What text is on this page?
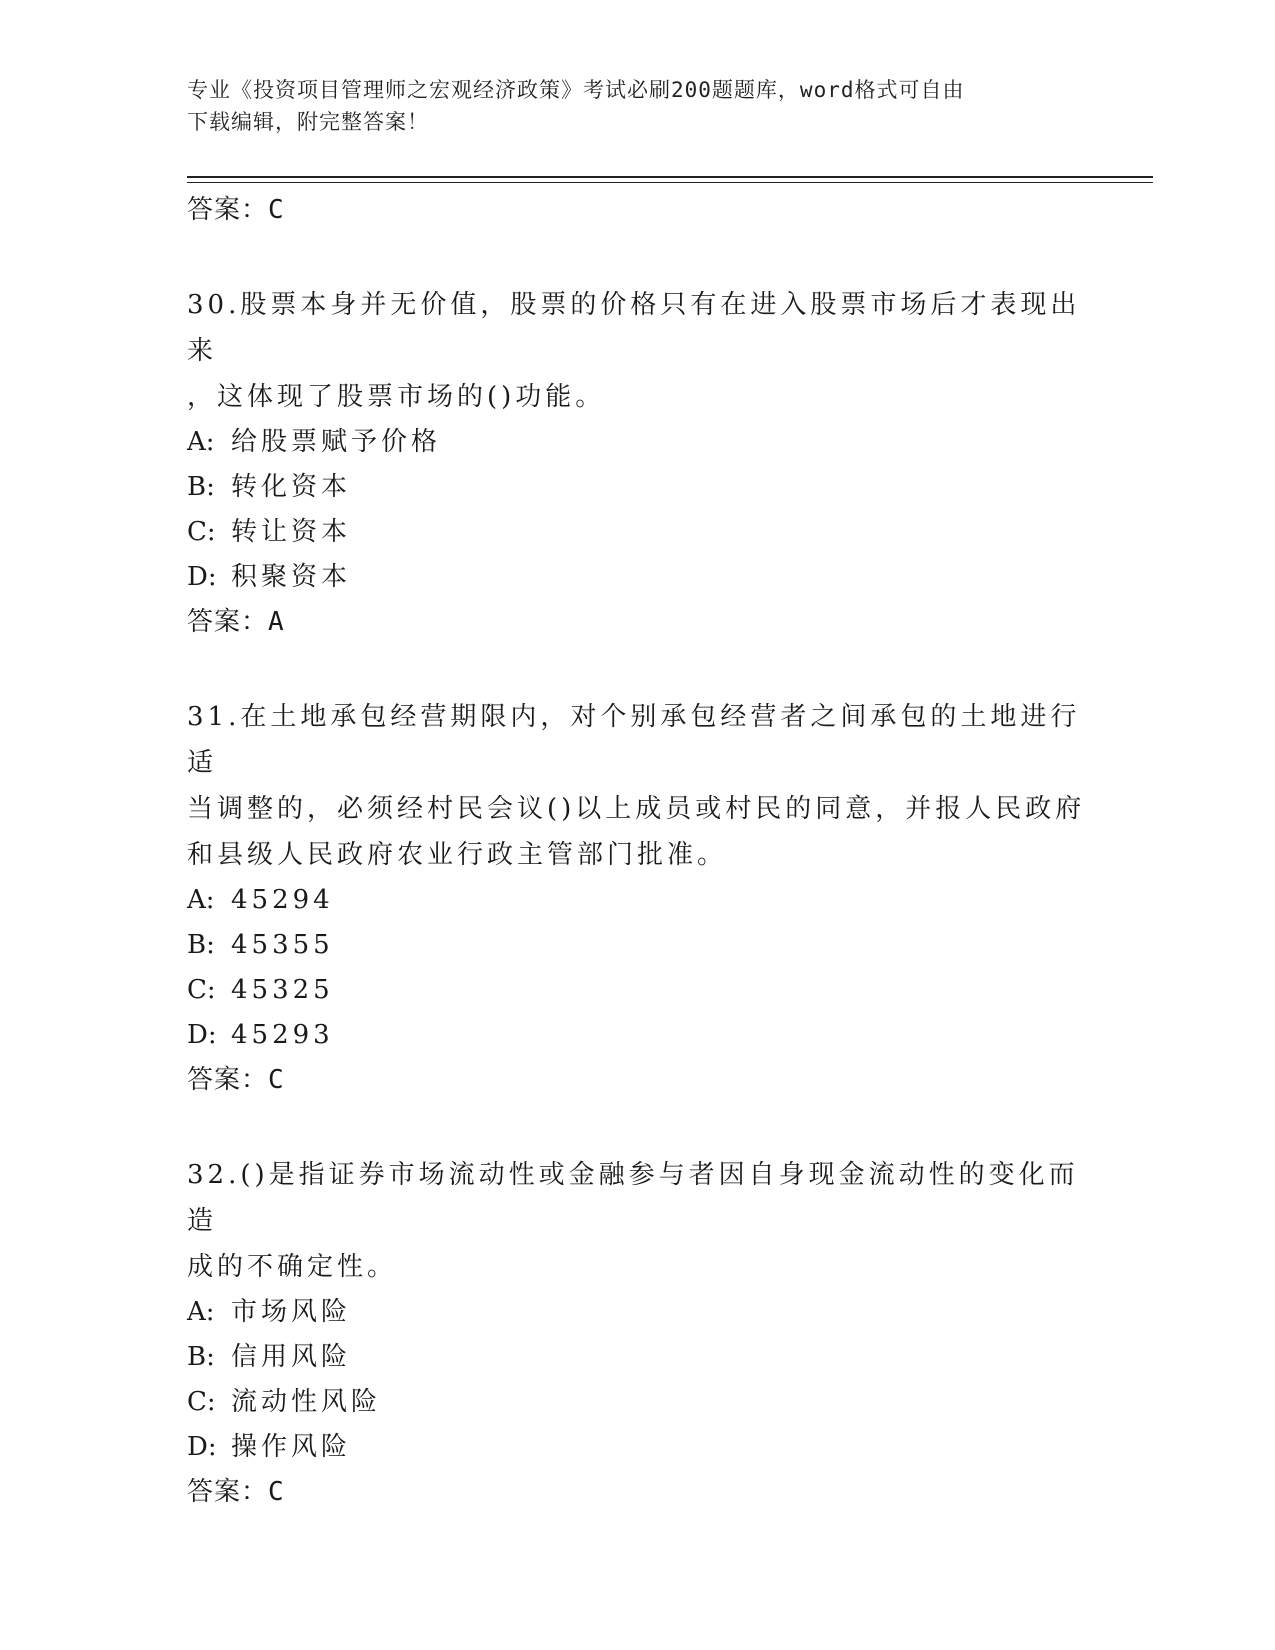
专业《投资项目管理师之宏观经济政策》考试必刷200题题库，word格式可自由
下载编辑，附完整答案！
答案：C
30.股票本身并无价值，股票的价格只有在进入股票市场后才表现出来
，这体现了股票市场的()功能。
A: 给股票赋予价格
B: 转化资本
C: 转让资本
D: 积聚资本
答案：A
31.在土地承包经营期限内，对个别承包经营者之间承包的土地进行适
当调整的，必须经村民会议()以上成员或村民的同意，并报人民政府
和县级人民政府农业行政主管部门批准。
A: 45294
B: 45355
C: 45325
D: 45293
答案：C
32.()是指证券市场流动性或金融参与者因自身现金流动性的变化而造
成的不确定性。
A: 市场风险
B: 信用风险
C: 流动性风险
D: 操作风险
答案：C
